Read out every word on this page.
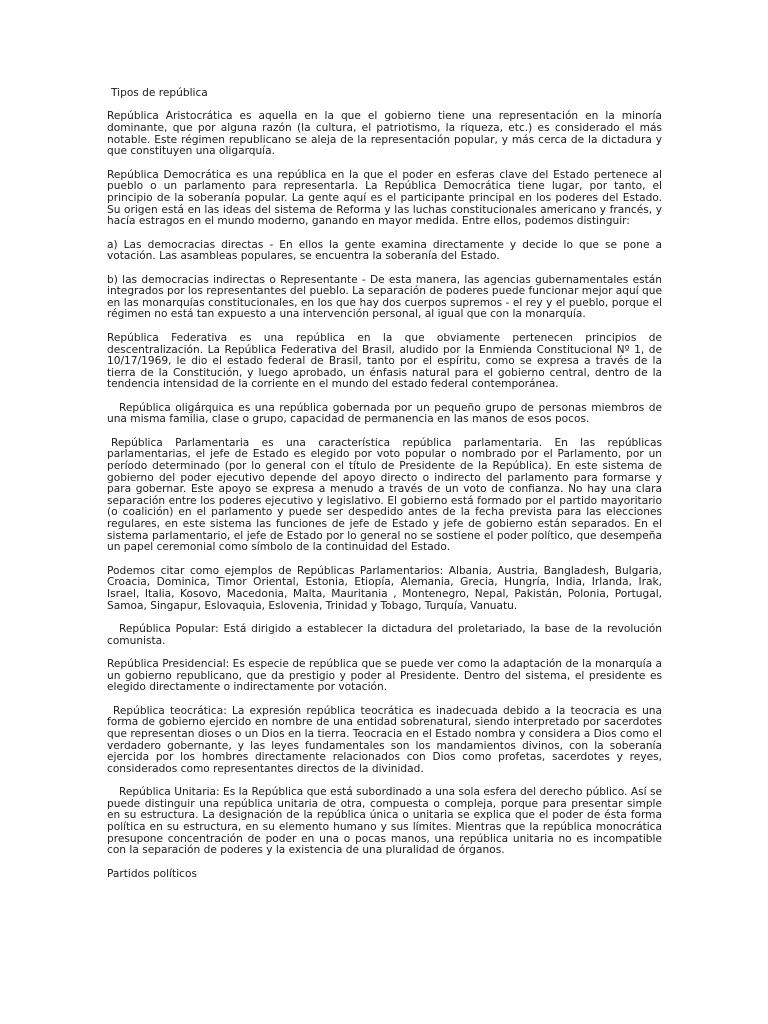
Tipos de república

República Aristocrática es aquella en la que el gobierno tiene una representación en la minoría dominante, que por alguna razón (la cultura, el patriotismo, la riqueza, etc.) es considerado el más notable. Este régimen republicano se aleja de la representación popular, y más cerca de la dictadura y que constituyen una oligarquía.

República Democrática es una república en la que el poder en esferas clave del Estado pertenece al pueblo o un parlamento para representarla. La República Democrática tiene lugar, por tanto, el principio de la soberanía popular. La gente aquí es el participante principal en los poderes del Estado. Su origen está en las ideas del sistema de Reforma y las luchas constitucionales americano y francés, y hacía estragos en el mundo moderno, ganando en mayor medida. Entre ellos, podemos distinguir:

a) Las democracias directas - En ellos la gente examina directamente y decide lo que se pone a votación. Las asambleas populares, se encuentra la soberanía del Estado.

b) las democracias indirectas o Representante - De esta manera, las agencias gubernamentales están integrados por los representantes del pueblo. La separación de poderes puede funcionar mejor aquí que en las monarquías constitucionales, en los que hay dos cuerpos supremos - el rey y el pueblo, porque el régimen no está tan expuesto a una intervención personal, al igual que con la monarquía.

República Federativa es una república en la que obviamente pertenecen principios de descentralización. La República Federativa del Brasil, aludido por la Enmienda Constitucional Nº 1, de 10/17/1969, le dio el estado federal de Brasil, tanto por el espíritu, como se expresa a través de la tierra de la Constitución, y luego aprobado, un énfasis natural para el gobierno central, dentro de la tendencia intensidad de la corriente en el mundo del estado federal contemporánea.

República oligárquica es una república gobernada por un pequeño grupo de personas miembros de una misma familia, clase o grupo, capacidad de permanencia en las manos de esos pocos.

República Parlamentaria es una característica república parlamentaria. En las repúblicas parlamentarias, el jefe de Estado es elegido por voto popular o nombrado por el Parlamento, por un período determinado (por lo general con el título de Presidente de la República). En este sistema de gobierno del poder ejecutivo depende del apoyo directo o indirecto del parlamento para formarse y para gobernar. Este apoyo se expresa a menudo a través de un voto de confianza. No hay una clara separación entre los poderes ejecutivo y legislativo. El gobierno está formado por el partido mayoritario (o coalición) en el parlamento y puede ser despedido antes de la fecha prevista para las elecciones regulares, en este sistema las funciones de jefe de Estado y jefe de gobierno están separados. En el sistema parlamentario, el jefe de Estado por lo general no se sostiene el poder político, que desempeña un papel ceremonial como símbolo de la continuidad del Estado.

Podemos citar como ejemplos de Repúblicas Parlamentarios: Albania, Austria, Bangladesh, Bulgaria, Croacia, Dominica, Timor Oriental, Estonia, Etiopía, Alemania, Grecia, Hungría, India, Irlanda, Irak, Israel, Italia, Kosovo, Macedonia, Malta, Mauritania , Montenegro, Nepal, Pakistán, Polonia, Portugal, Samoa, Singapur, Eslovaquia, Eslovenia, Trinidad y Tobago, Turquía, Vanuatu.

República Popular: Está dirigido a establecer la dictadura del proletariado, la base de la revolución comunista.

República Presidencial: Es especie de república que se puede ver como la adaptación de la monarquía a un gobierno republicano, que da prestigio y poder al Presidente. Dentro del sistema, el presidente es elegido directamente o indirectamente por votación.

República teocrática: La expresión república teocrática es inadecuada debido a la teocracia es una forma de gobierno ejercido en nombre de una entidad sobrenatural, siendo interpretado por sacerdotes que representan dioses o un Dios en la tierra. Teocracia en el Estado nombra y considera a Dios como el verdadero gobernante, y las leyes fundamentales son los mandamientos divinos, con la soberanía ejercida por los hombres directamente relacionados con Dios como profetas, sacerdotes y reyes, considerados como representantes directos de la divinidad.

República Unitaria: Es la República que está subordinado a una sola esfera del derecho público. Así se puede distinguir una república unitaria de otra, compuesta o compleja, porque para presentar simple en su estructura. La designación de la república única o unitaria se explica que el poder de ésta forma política en su estructura, en su elemento humano y sus límites. Mientras que la república monocrática presupone concentración de poder en una o pocas manos, una república unitaria no es incompatible con la separación de poderes y la existencia de una pluralidad de órganos.

Partidos políticos
